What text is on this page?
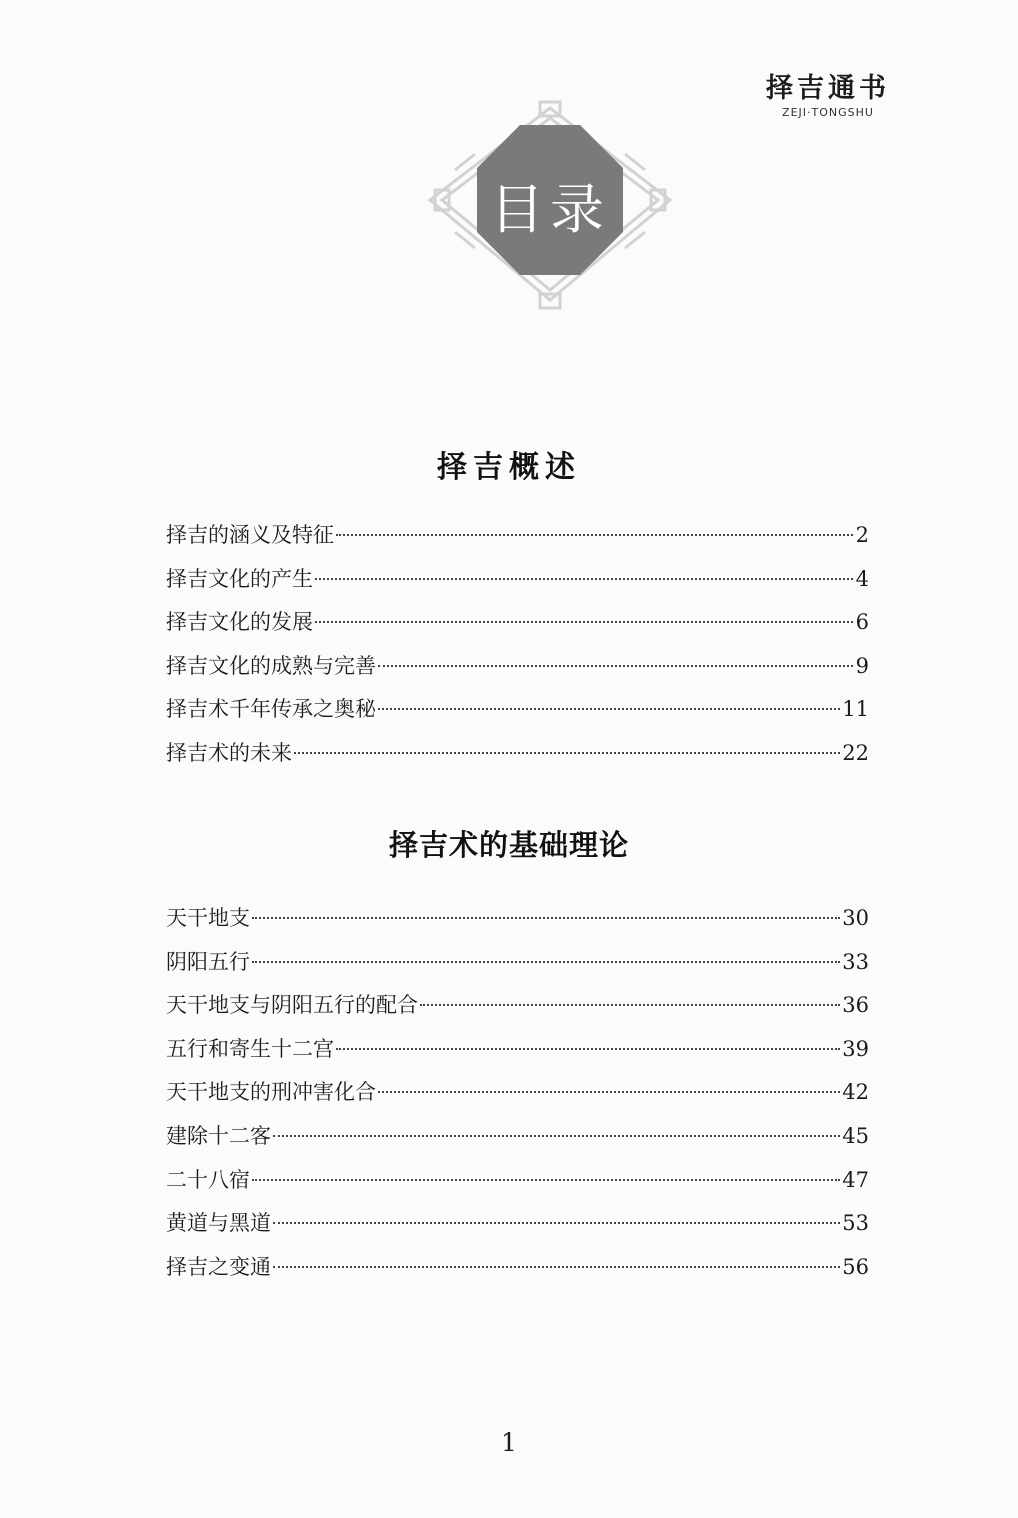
择吉通书
ZEJI·TONGSHU
目录
择吉概述
择吉的涵义及特征	2
择吉文化的产生	4
择吉文化的发展	6
择吉文化的成熟与完善	9
择吉术千年传承之奥秘	11
择吉术的未来	22
择吉术的基础理论
天干地支	30
阴阳五行	33
天干地支与阴阳五行的配合	36
五行和寄生十二宫	39
天干地支的刑冲害化合	42
建除十二客	45
二十八宿	47
黄道与黑道	53
择吉之变通	56
1
